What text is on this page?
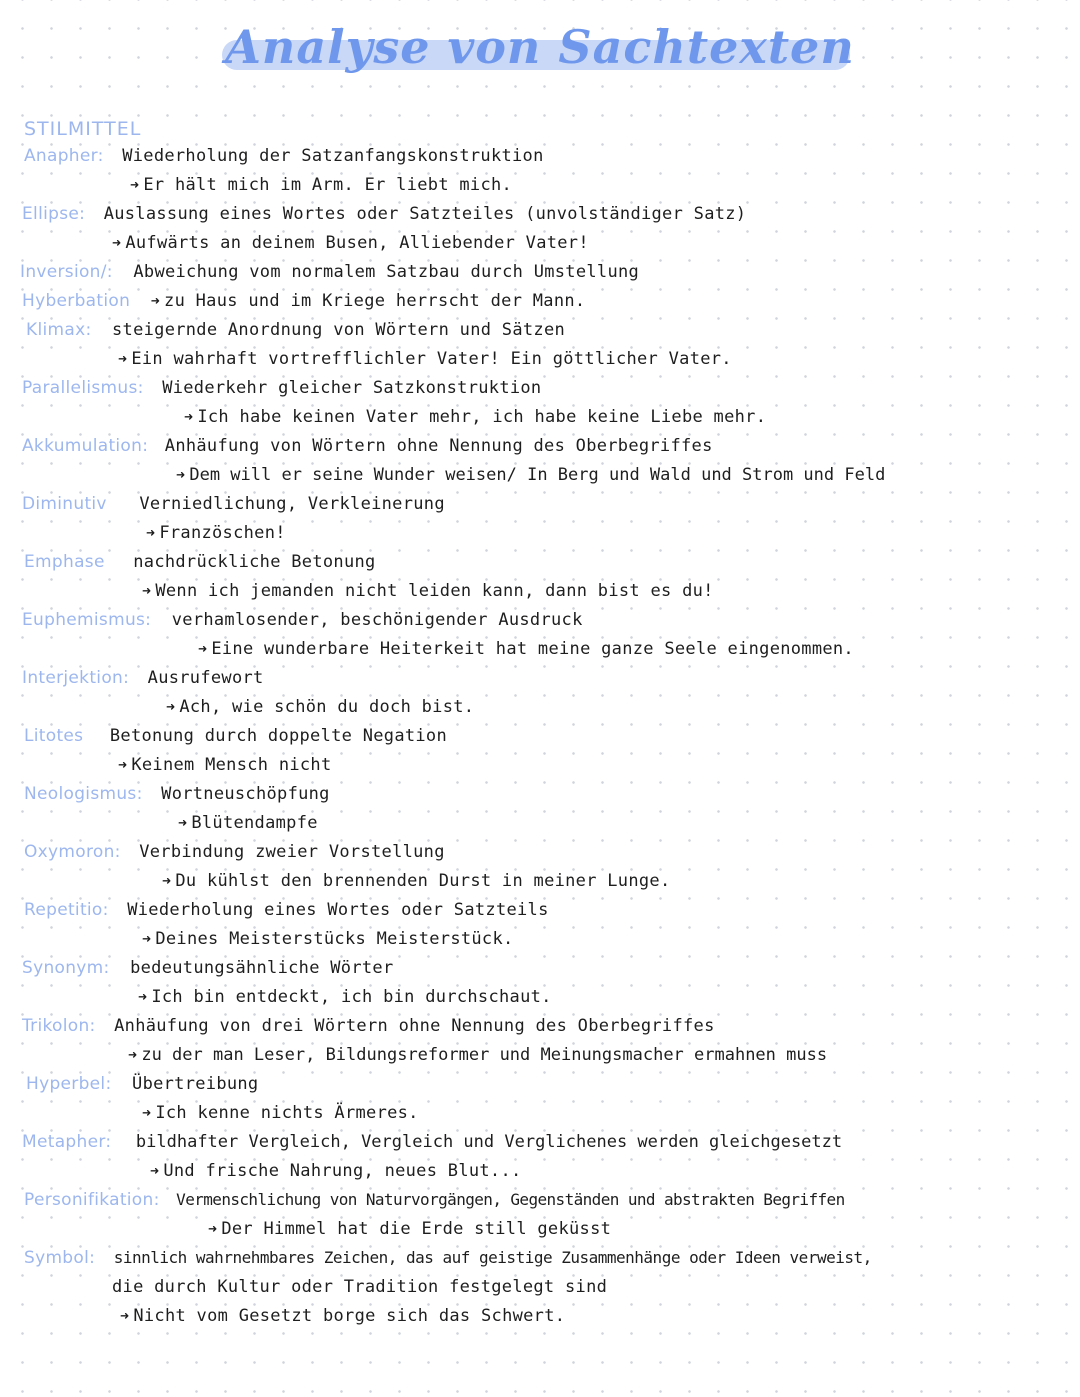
Analyse von Sachtexten
STILMITTEL
Anapher: Wiederholung der Satzanfangskonstruktion
➜ Er hält mich im Arm. Er liebt mich.
Ellipse: Auslassung eines Wortes oder Satzteiles (unvolständiger Satz)
➜ Aufwärts an deinem Busen, Alliebender Vater!
Inversion/: Abweichung vom normalem Satzbau durch Umstellung
Hyberbation ➜ zu Haus und im Kriege herrscht der Mann.
Klimax: steigernde Anordnung von Wörtern und Sätzen
➜ Ein wahrhaft vortrefflichler Vater! Ein göttlicher Vater.
Parallelismus: Wiederkehr gleicher Satzkonstruktion
➜ Ich habe keinen Vater mehr, ich habe keine Liebe mehr.
Akkumulation: Anhäufung von Wörtern ohne Nennung des Oberbegriffes
➜ Dem will er seine Wunder weisen/ In Berg und Wald und Strom und Feld
Diminutiv Verniedlichung, Verkleinerung
➜ Französchen!
Emphase nachdrückliche Betonung
➜ Wenn ich jemanden nicht leiden kann, dann bist es du!
Euphemismus: verhamlosender, beschönigender Ausdruck
➜ Eine wunderbare Heiterkeit hat meine ganze Seele eingenommen.
Interjektion: Ausrufewort
➜ Ach, wie schön du doch bist.
Litotes Betonung durch doppelte Negation
➜ Keinem Mensch nicht
Neologismus: Wortneuschöpfung
➜ Blütendampfe
Oxymoron: Verbindung zweier Vorstellung
➜ Du kühlst den brennenden Durst in meiner Lunge.
Repetitio: Wiederholung eines Wortes oder Satzteils
➜ Deines Meisterstücks Meisterstück.
Synonym: bedeutungsähnliche Wörter
➜ Ich bin entdeckt, ich bin durchschaut.
Trikolon: Anhäufung von drei Wörtern ohne Nennung des Oberbegriffes
➜ zu der man Leser, Bildungsreformer und Meinungsmacher ermahnen muss
Hyperbel: Übertreibung
➜ Ich kenne nichts Ärmeres.
Metapher: bildhafter Vergleich, Vergleich und Verglichenes werden gleichgesetzt
➜ Und frische Nahrung, neues Blut...
Personifikation: Vermenschlichung von Naturvorgängen, Gegenständen und abstrakten Begriffen
➜ Der Himmel hat die Erde still geküsst
Symbol: sinnlich wahrnehmbares Zeichen, das auf geistige Zusammenhänge oder Ideen verweist,
die durch Kultur oder Tradition festgelegt sind
➜ Nicht vom Gesetzt borge sich das Schwert.
